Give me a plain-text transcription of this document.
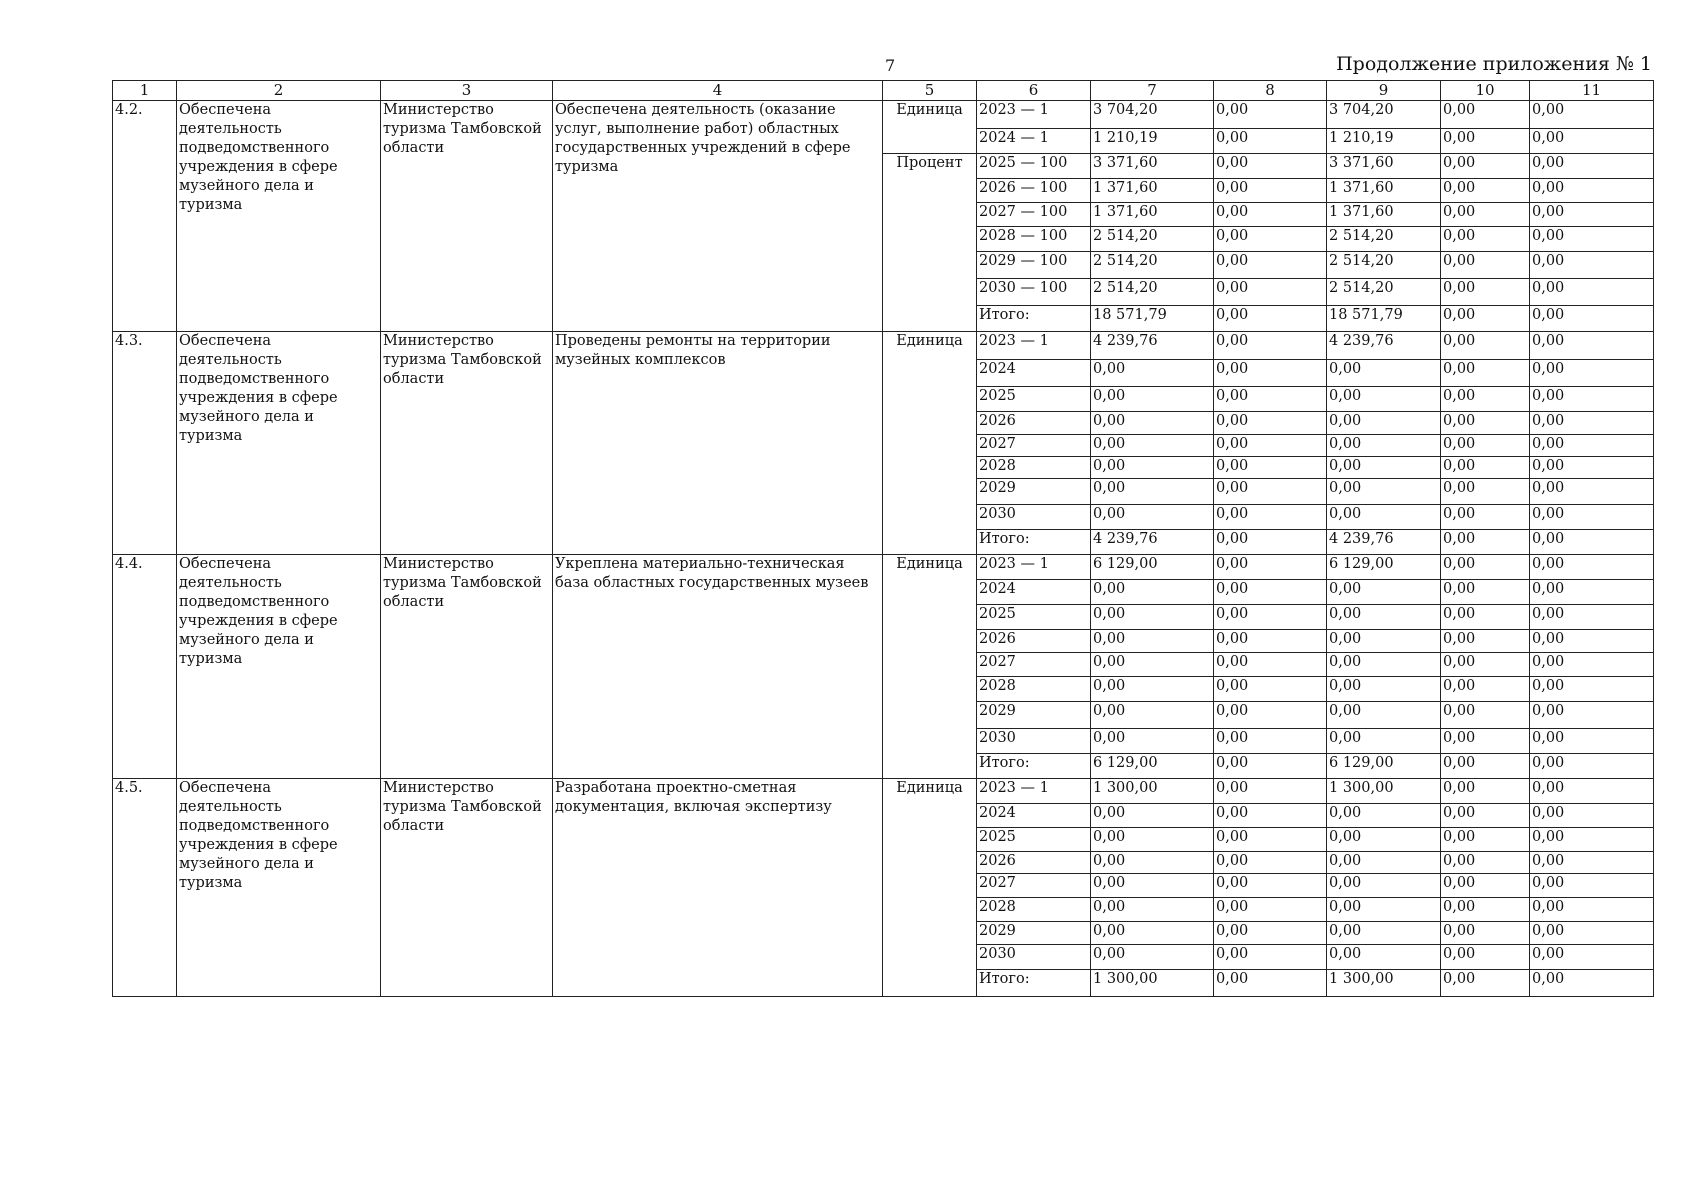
7	Продолжение приложения № 1
1	2	3	4	5	6	7	8	9	10	11
4.2.	Обеспечена деятельность подведомственного учреждения в сфере музейного дела и туризма	Министерство туризма Тамбовской области	Обеспечена деятельность (оказание услуг, выполнение работ) областных государственных учреждений в сфере туризма	Единица	2023 — 1	3 704,20	0,00	3 704,20	0,00	0,00
					2024 — 1	1 210,19	0,00	1 210,19	0,00	0,00
				Процент	2025 — 100	3 371,60	0,00	3 371,60	0,00	0,00
					2026 — 100	1 371,60	0,00	1 371,60	0,00	0,00
					2027 — 100	1 371,60	0,00	1 371,60	0,00	0,00
					2028 — 100	2 514,20	0,00	2 514,20	0,00	0,00
					2029 — 100	2 514,20	0,00	2 514,20	0,00	0,00
					2030 — 100	2 514,20	0,00	2 514,20	0,00	0,00
					Итого:	18 571,79	0,00	18 571,79	0,00	0,00
4.3.	Обеспечена деятельность подведомственного учреждения в сфере музейного дела и туризма	Министерство туризма Тамбовской области	Проведены ремонты на территории музейных комплексов	Единица	2023 — 1	4 239,76	0,00	4 239,76	0,00	0,00
					2024	0,00	0,00	0,00	0,00	0,00
					2025	0,00	0,00	0,00	0,00	0,00
					2026	0,00	0,00	0,00	0,00	0,00
					2027	0,00	0,00	0,00	0,00	0,00
					2028	0,00	0,00	0,00	0,00	0,00
					2029	0,00	0,00	0,00	0,00	0,00
					2030	0,00	0,00	0,00	0,00	0,00
					Итого:	4 239,76	0,00	4 239,76	0,00	0,00
4.4.	Обеспечена деятельность подведомственного учреждения в сфере музейного дела и туризма	Министерство туризма Тамбовской области	Укреплена материально-техническая база областных государственных музеев	Единица	2023 — 1	6 129,00	0,00	6 129,00	0,00	0,00
					2024	0,00	0,00	0,00	0,00	0,00
					2025	0,00	0,00	0,00	0,00	0,00
					2026	0,00	0,00	0,00	0,00	0,00
					2027	0,00	0,00	0,00	0,00	0,00
					2028	0,00	0,00	0,00	0,00	0,00
					2029	0,00	0,00	0,00	0,00	0,00
					2030	0,00	0,00	0,00	0,00	0,00
					Итого:	6 129,00	0,00	6 129,00	0,00	0,00
4.5.	Обеспечена деятельность подведомственного учреждения в сфере музейного дела и туризма	Министерство туризма Тамбовской области	Разработана проектно-сметная документация, включая экспертизу	Единица	2023 — 1	1 300,00	0,00	1 300,00	0,00	0,00
					2024	0,00	0,00	0,00	0,00	0,00
					2025	0,00	0,00	0,00	0,00	0,00
					2026	0,00	0,00	0,00	0,00	0,00
					2027	0,00	0,00	0,00	0,00	0,00
					2028	0,00	0,00	0,00	0,00	0,00
					2029	0,00	0,00	0,00	0,00	0,00
					2030	0,00	0,00	0,00	0,00	0,00
					Итого:	1 300,00	0,00	1 300,00	0,00	0,00
